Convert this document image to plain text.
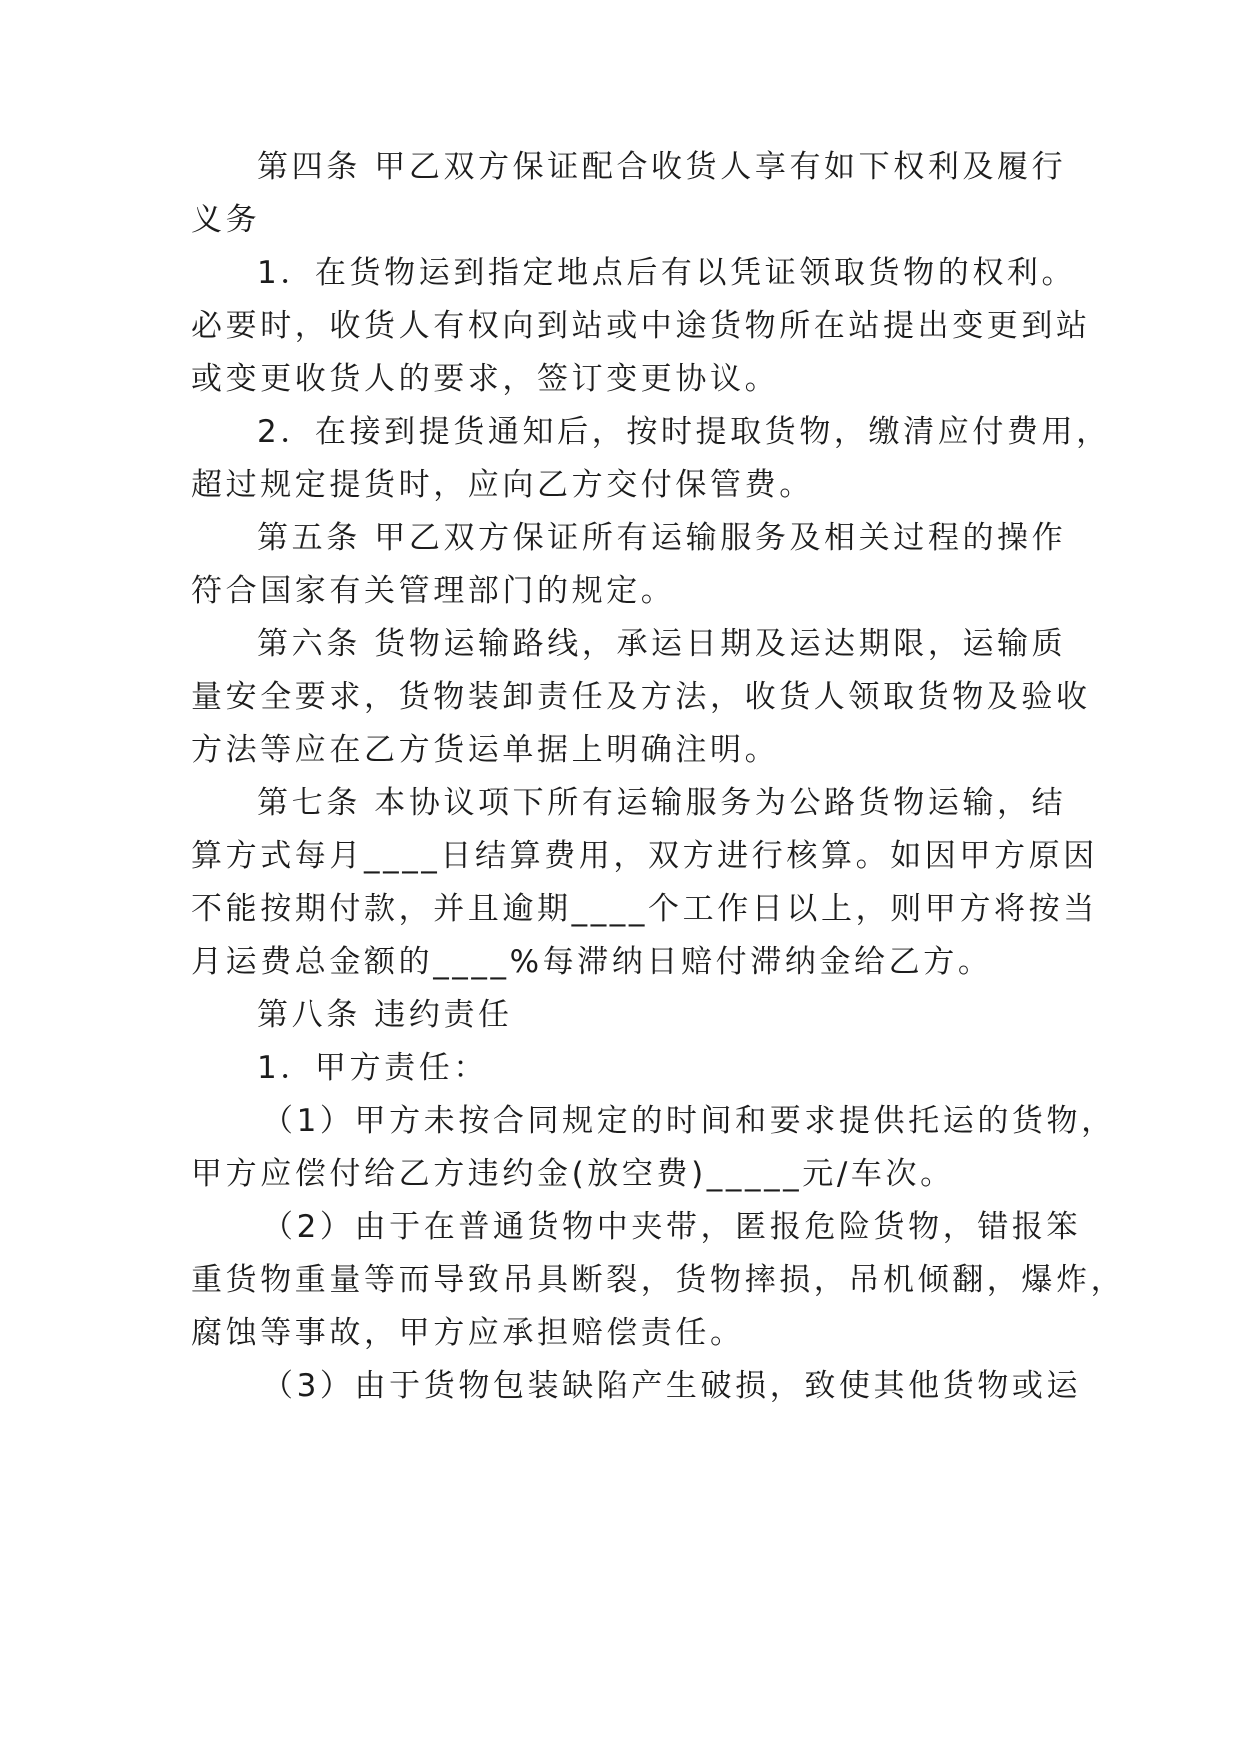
第四条 甲乙双方保证配合收货人享有如下权利及履行
义务
1．在货物运到指定地点后有以凭证领取货物的权利。
必要时，收货人有权向到站或中途货物所在站提出变更到站
或变更收货人的要求，签订变更协议。
2．在接到提货通知后，按时提取货物，缴清应付费用，
超过规定提货时，应向乙方交付保管费。
第五条 甲乙双方保证所有运输服务及相关过程的操作
符合国家有关管理部门的规定。
第六条 货物运输路线，承运日期及运达期限，运输质
量安全要求，货物装卸责任及方法，收货人领取货物及验收
方法等应在乙方货运单据上明确注明。
第七条 本协议项下所有运输服务为公路货物运输，结
算方式每月____日结算费用，双方进行核算。如因甲方原因
不能按期付款，并且逾期____个工作日以上，则甲方将按当
月运费总金额的____%每滞纳日赔付滞纳金给乙方。
第八条 违约责任
1．甲方责任：
（1）甲方未按合同规定的时间和要求提供托运的货物，
甲方应偿付给乙方违约金(放空费)_____元/车次。
（2）由于在普通货物中夹带，匿报危险货物，错报笨
重货物重量等而导致吊具断裂，货物摔损，吊机倾翻，爆炸，
腐蚀等事故，甲方应承担赔偿责任。
（3）由于货物包装缺陷产生破损，致使其他货物或运
